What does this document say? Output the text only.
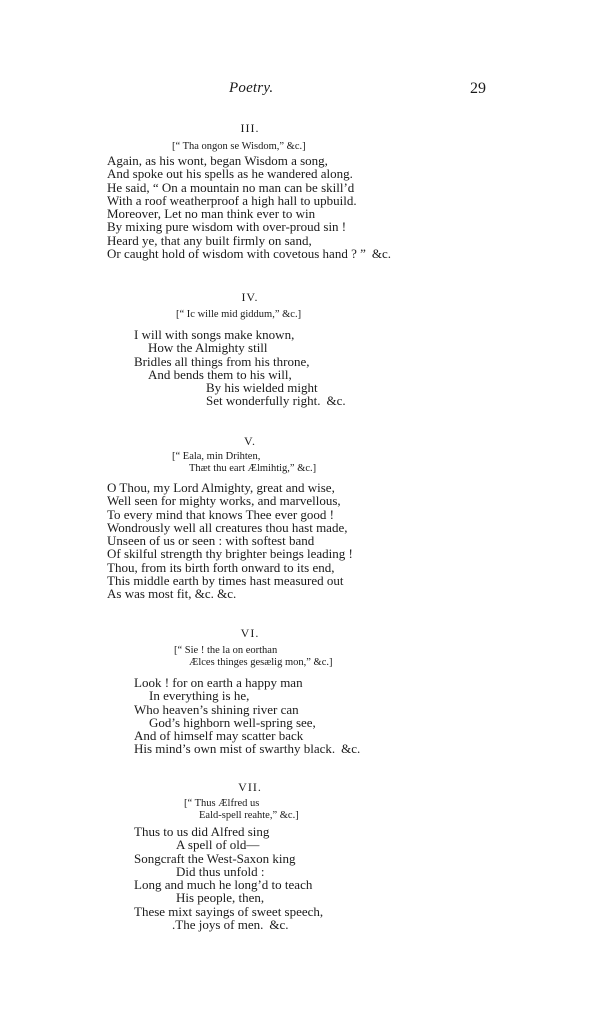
Poetry.	29
III.
[“ Tha ongon se Wisdom,” &c.]
Again, as his wont, began Wisdom a song,
And spoke out his spells as he wandered along.
He said, “ On a mountain no man can be skill’d
With a roof weatherproof a high hall to upbuild.
Moreover, Let no man think ever to win
By mixing pure wisdom with over-proud sin !
Heard ye, that any built firmly on sand,
Or caught hold of wisdom with covetous hand ? ” &c.
IV.
[“ Ic wille mid giddum,” &c.]
I will with songs make known,
How the Almighty still
Bridles all things from his throne,
And bends them to his will,
By his wielded might
Set wonderfully right. &c.
V.
[“ Eala, min Drihten,
Thæt thu eart Ælmihtig,” &c.]
O Thou, my Lord Almighty, great and wise,
Well seen for mighty works, and marvellous,
To every mind that knows Thee ever good !
Wondrously well all creatures thou hast made,
Unseen of us or seen : with softest band
Of skilful strength thy brighter beings leading !
Thou, from its birth forth onward to its end,
This middle earth by times hast measured out
As was most fit, &c. &c.
VI.
[“ Sie ! the la on eorthan
Ælces thinges gesælig mon,” &c.]
Look ! for on earth a happy man
In everything is he,
Who heaven’s shining river can
God’s highborn well-spring see,
And of himself may scatter back
His mind’s own mist of swarthy black. &c.
VII.
[“ Thus Ælfred us
Eald-spell reahte,” &c.]
Thus to us did Alfred sing
A spell of old—
Songcraft the West-Saxon king
Did thus unfold :
Long and much he long’d to teach
His people, then,
These mixt sayings of sweet speech,
.The joys of men. &c.
